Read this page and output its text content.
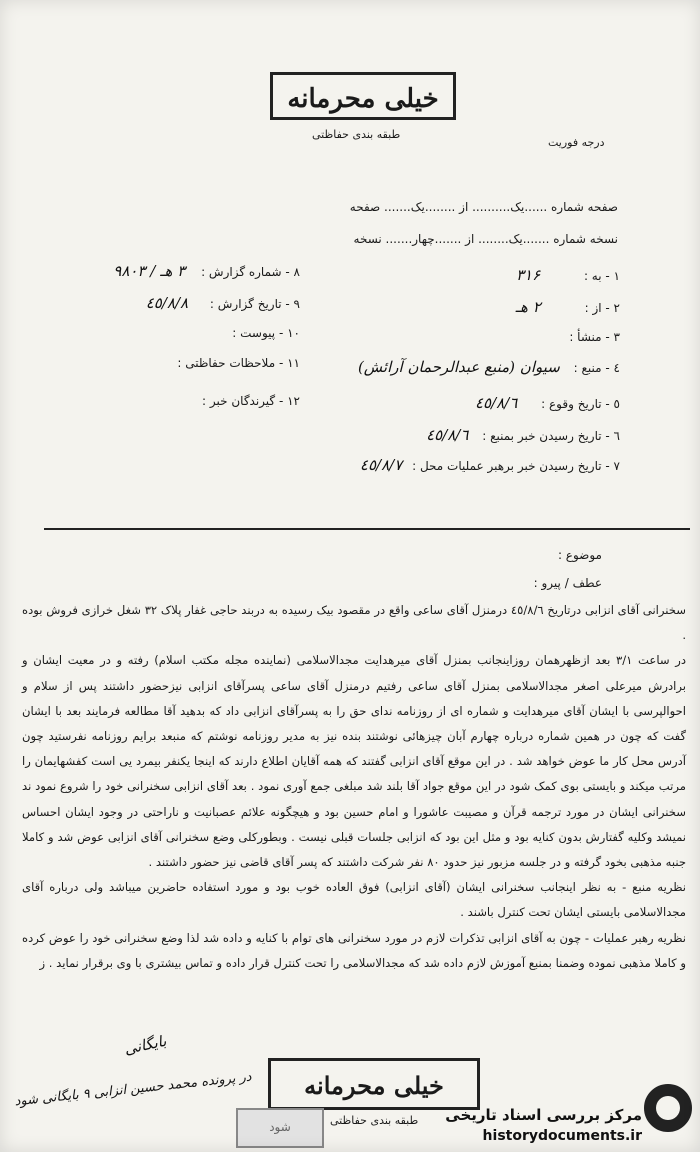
خیلی محرمانه
طبقه بندی حفاظتی
درجه فوریت
صفحه شماره ......یک.......... از ........یک....... صفحه
نسخه شماره .......یک........ از .......چهار....... نسخه
۱ - به : ۳۱۶
۲ - از : ۲ هـ
۳ - منشأ :
٤ - منبع : سیوان (منبع عبدالرحمان آرائش)
٥ - تاریخ وقوع : ٤٥/٨/٦
٦ - تاریخ رسیدن خبر بمنبع : ٤٥/٨/٦
٧ - تاریخ رسیدن خبر برهبر عملیات محل : ٤٥/٨/٧
۸ - شماره گزارش : ۳ هـ / ٩٨٠٣
٩ - تاریخ گزارش : ٤٥/٨/٨
١٠ - پیوست :
١١ - ملاحظات حفاظتی :
١٢ - گیرندگان خبر :
موضوع :
عطف / پیرو :

سخنرانی آقای انزابی درتاریخ ٤٥/٨/٦ درمنزل آقای ساعی واقع در مقصود بیک رسیده به دربند حاجی غفار پلاک ۳۲ شغل خرازی فروش بوده .

در ساعت ۳/۱ بعد ازظهرهمان روزاینجانب بمنزل آقای میرهدایت مجدالاسلامی (نماینده مجله مکتب اسلام) رفته و در معیت ایشان و برادرش میرعلی اصغر مجدالاسلامی بمنزل آقای ساعی رفتیم درمنزل آقای ساعی پسرآقای انزابی نیزحضور داشتند پس از سلام و احوالپرسی با ایشان آقای میرهدایت و شماره ای از روزنامه ندای حق را به پسرآقای انزابی داد که بدهید آقا مطالعه فرمایند بعد با ایشان گفت که چون در همین شماره درباره چهارم آبان چیزهائی نوشتند بنده نیز به مدیر روزنامه نوشتم که منبعد برایم روزنامه نفرستید چون آدرس محل کار ما عوض خواهد شد . در این موقع آقای انزابی گفتند که همه آقایان اطلاع دارند که اینجا یکنفر بیمرد یی است کفشهایمان را مرتب میکند و بایستی بوی کمک شود در این موقع جواد آقا بلند شد مبلغی جمع آوری نمود . بعد آقای انزابی سخنرانی خود را شروع نمود ند سخنرانی ایشان در مورد ترجمه قرآن و مصیبت عاشورا و امام حسین بود و هیچگونه علائم عصبانیت و ناراحتی در وجود ایشان احساس نمیشد وکلیه گفتارش بدون کنایه بود و مثل این بود که انزابی جلسات قبلی نیست . وبطورکلی وضع سخنرانی آقای انزابی عوض شد و کاملا جنبه مذهبی بخود گرفته و در جلسه مزبور نیز حدود ٨٠ نفر شرکت داشتند که پسر آقای قاضی نیز حضور داشتند .

نظریه منبع - به نظر اینجانب سخنرانی ایشان (آقای انزابی) فوق العاده خوب بود و مورد استفاده حاضرین میباشد ولی درباره آقای مجدالاسلامی بایستی ایشان تحت کنترل باشند .

نظریه رهبر عملیات - چون به آقای انزابی تذکرات لازم در مورد سخنرانی های توام با کنایه و داده شد لذا وضع سخنرانی خود را عوض کرده و کاملا مذهبی نموده وضمنا بمنبع آموزش لازم داده شد که مجدالاسلامی را تحت کنترل قرار داده و تماس بیشتری با وی برقرار نماید . ز

بایگانی
در پرونده محمد حسین انزابی ۹ بایگانی شود	خیلی محرمانه
طبقه بندی حفاظتی
شود
مرکز بررسی اسناد تاریخی
historydocuments.ir
